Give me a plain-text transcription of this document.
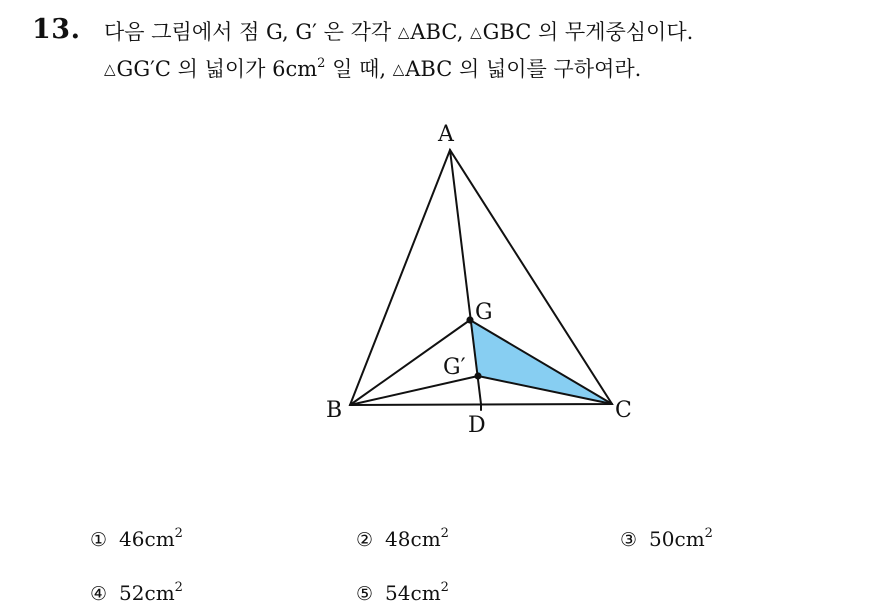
13. 다음 그림에서 점 G, G′ 은 각각 △ABC, △GBC 의 무게중심이다.
△GG′C 의 넓이가 $6cm^2$ 일 때, △ABC 의 넓이를 구하여라.
A
B	C
G
G′
D
① $46cm^2$	② $48cm^2$	③ $50cm^2$
④ $52cm^2$	⑤ $54cm^2$
